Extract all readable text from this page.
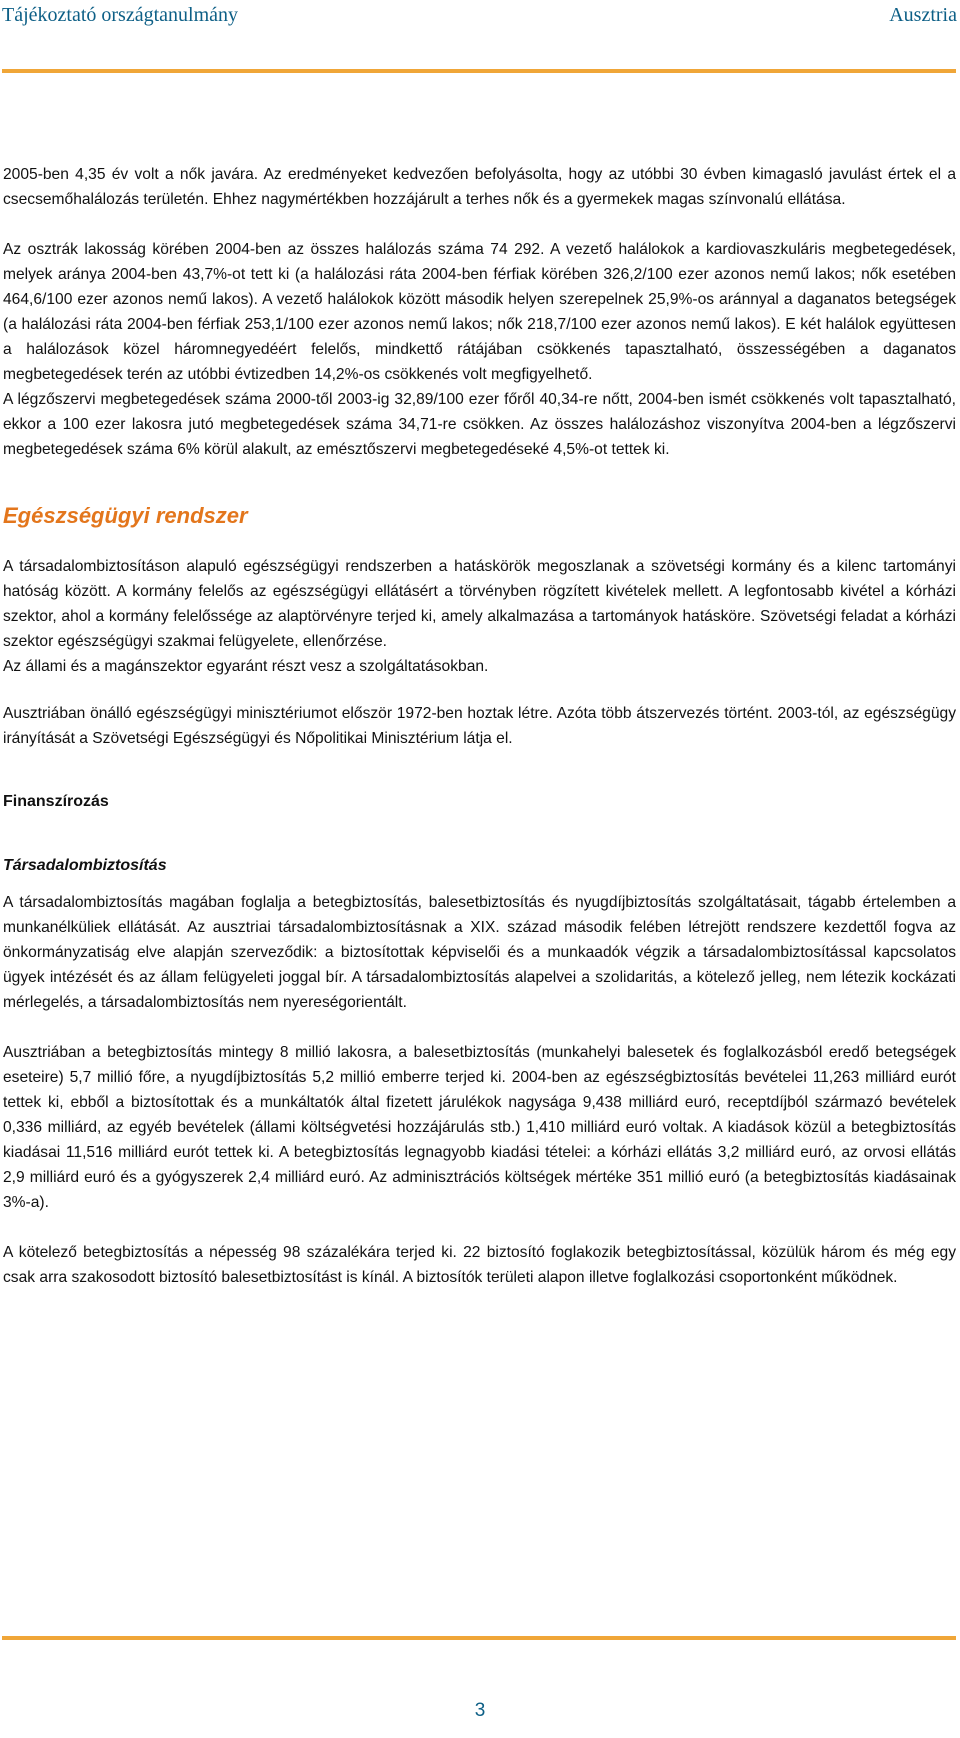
Tájékoztató országtanulmány	Ausztria

2005-ben 4,35 év volt a nők javára. Az eredményeket kedvezően befolyásolta, hogy az utóbbi 30 évben kimagasló javulást értek el a csecsemőhalálozás területén. Ehhez nagymértékben hozzájárult a terhes nők és a gyermekek magas színvonalú ellátása.

Az osztrák lakosság körében 2004-ben az összes halálozás száma 74 292. A vezető halálokok a kardiovaszkuláris megbetegedések, melyek aránya 2004-ben 43,7%-ot tett ki (a halálozási ráta 2004-ben férfiak körében 326,2/100 ezer azonos nemű lakos; nők esetében 464,6/100 ezer azonos nemű lakos). A vezető halálokok között második helyen szerepelnek 25,9%-os aránnyal a daganatos betegségek (a halálozási ráta 2004-ben férfiak 253,1/100 ezer azonos nemű lakos; nők 218,7/100 ezer azonos nemű lakos). E két halálok együttesen a halálozások közel háromnegyedéért felelős, mindkettő rátájában csökkenés tapasztalható, összességében a daganatos megbetegedések terén az utóbbi évtizedben 14,2%-os csökkenés volt megfigyelhető.

A légzőszervi megbetegedések száma 2000-től 2003-ig 32,89/100 ezer főről 40,34-re nőtt, 2004-ben ismét csökkenés volt tapasztalható, ekkor a 100 ezer lakosra jutó megbetegedések száma 34,71-re csökken. Az összes halálozáshoz viszonyítva 2004-ben a légzőszervi megbetegedések száma 6% körül alakult, az emésztőszervi megbetegedéseké 4,5%-ot tettek ki.

Egészségügyi rendszer

A társadalombiztosításon alapuló egészségügyi rendszerben a hatáskörök megoszlanak a szövetségi kormány és a kilenc tartományi hatóság között. A kormány felelős az egészségügyi ellátásért a törvényben rögzített kivételek mellett. A legfontosabb kivétel a kórházi szektor, ahol a kormány felelőssége az alaptörvényre terjed ki, amely alkalmazása a tartományok hatásköre. Szövetségi feladat a kórházi szektor egészségügyi szakmai felügyelete, ellenőrzése.

Az állami és a magánszektor egyaránt részt vesz a szolgáltatásokban.

Ausztriában önálló egészségügyi minisztériumot először 1972-ben hoztak létre. Azóta több átszervezés történt. 2003-tól, az egészségügy irányítását a Szövetségi Egészségügyi és Nőpolitikai Minisztérium látja el.

Finanszírozás
Társadalombiztosítás

A társadalombiztosítás magában foglalja a betegbiztosítás, balesetbiztosítás és nyugdíjbiztosítás szolgáltatásait, tágabb értelemben a munkanélküliek ellátását. Az ausztriai társadalombiztosításnak a XIX. század második felében létrejött rendszere kezdettől fogva az önkormányzatiság elve alapján szerveződik: a biztosítottak képviselői és a munkaadók végzik a társadalombiztosítással kapcsolatos ügyek intézését és az állam felügyeleti joggal bír. A társadalombiztosítás alapelvei a szolidaritás, a kötelező jelleg, nem létezik kockázati mérlegelés, a társadalombiztosítás nem nyereségorientált.

Ausztriában a betegbiztosítás mintegy 8 millió lakosra, a balesetbiztosítás (munkahelyi balesetek és foglalkozásból eredő betegségek eseteire) 5,7 millió főre, a nyugdíjbiztosítás 5,2 millió emberre terjed ki. 2004-ben az egészségbiztosítás bevételei 11,263 milliárd eurót tettek ki, ebből a biztosítottak és a munkáltatók által fizetett járulékok nagysága 9,438 milliárd euró, receptdíjból származó bevételek 0,336 milliárd, az egyéb bevételek (állami költségvetési hozzájárulás stb.) 1,410 milliárd euró voltak. A kiadások közül a betegbiztosítás kiadásai 11,516 milliárd eurót tettek ki. A betegbiztosítás legnagyobb kiadási tételei: a kórházi ellátás 3,2 milliárd euró, az orvosi ellátás 2,9 milliárd euró és a gyógyszerek 2,4 milliárd euró. Az adminisztrációs költségek mértéke 351 millió euró (a betegbiztosítás kiadásainak 3%-a).

A kötelező betegbiztosítás a népesség 98 százalékára terjed ki. 22 biztosító foglakozik betegbiztosítással, közülük három és még egy csak arra szakosodott biztosító balesetbiztosítást is kínál. A biztosítók területi alapon illetve foglalkozási csoportonként működnek.

3
